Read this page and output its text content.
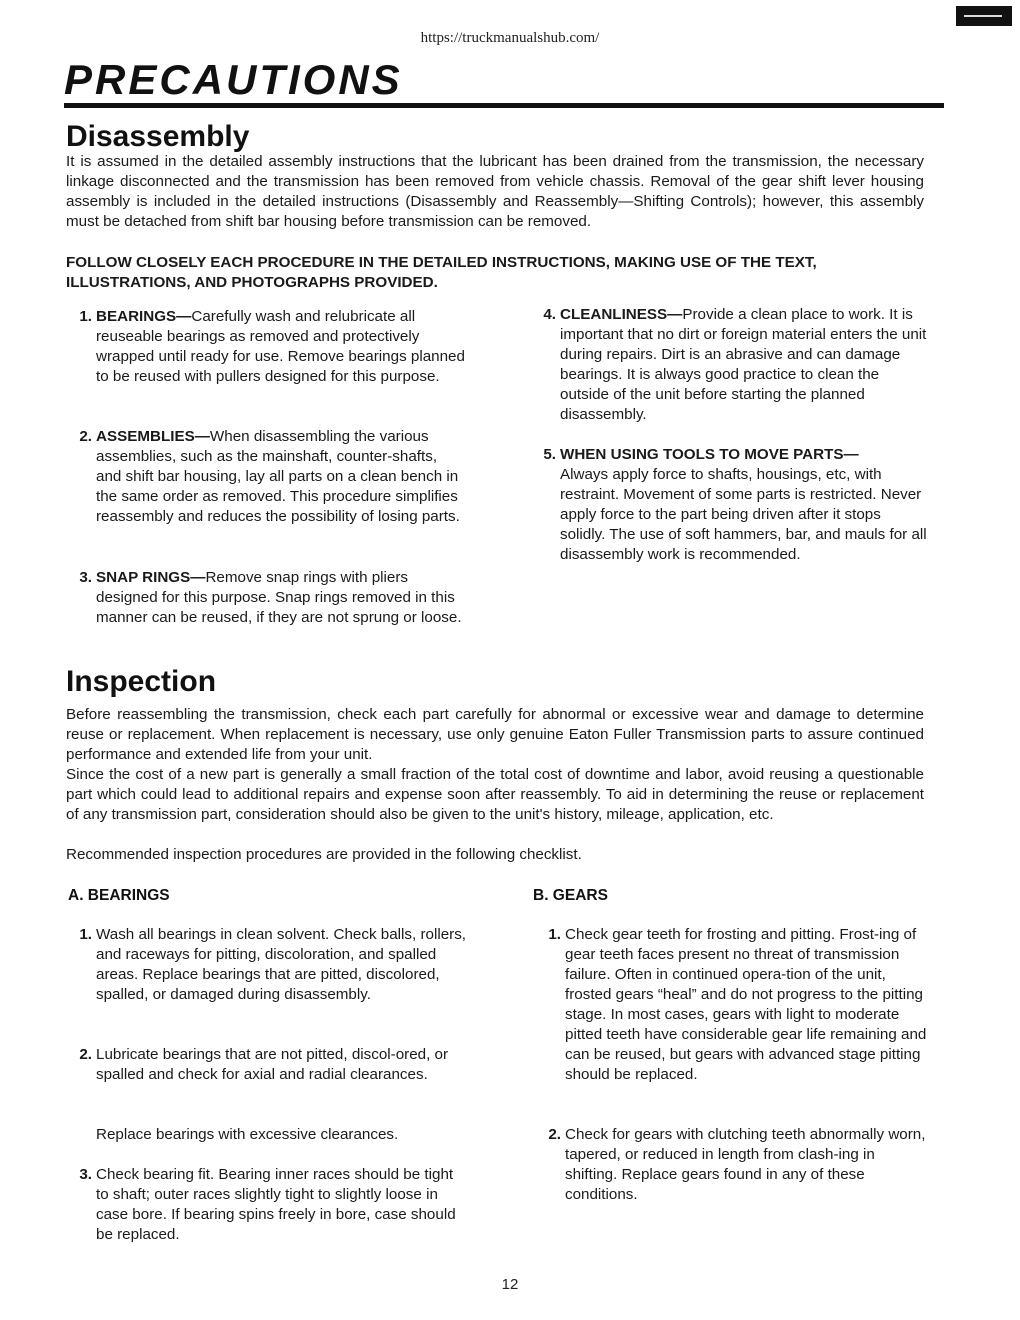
https://truckmanualshub.com/
PRECAUTIONS
Disassembly

It is assumed in the detailed assembly instructions that the lubricant has been drained from the transmission, the necessary linkage disconnected and the transmission has been removed from vehicle chassis. Removal of the gear shift lever housing assembly is included in the detailed instructions (Disassembly and Reassembly—Shifting Controls); however, this assembly must be detached from shift bar housing before transmission can be removed.

FOLLOW CLOSELY EACH PROCEDURE IN THE DETAILED INSTRUCTIONS, MAKING USE OF THE TEXT, ILLUSTRATIONS, AND PHOTOGRAPHS PROVIDED.

1. BEARINGS—Carefully wash and relubricate all reuseable bearings as removed and protectively wrapped until ready for use. Remove bearings planned to be reused with pullers designed for this purpose.
2. ASSEMBLIES—When disassembling the various assemblies, such as the mainshaft, counter-shafts, and shift bar housing, lay all parts on a clean bench in the same order as removed. This procedure simplifies reassembly and reduces the possibility of losing parts.
3. SNAP RINGS—Remove snap rings with pliers designed for this purpose. Snap rings removed in this manner can be reused, if they are not sprung or loose.
4. CLEANLINESS—Provide a clean place to work. It is important that no dirt or foreign material enters the unit during repairs. Dirt is an abrasive and can damage bearings. It is always good practice to clean the outside of the unit before starting the planned disassembly.
5. WHEN USING TOOLS TO MOVE PARTS—
Always apply force to shafts, housings, etc, with restraint. Movement of some parts is restricted. Never apply force to the part being driven after it stops solidly. The use of soft hammers, bar, and mauls for all disassembly work is recommended.
Inspection

Before reassembling the transmission, check each part carefully for abnormal or excessive wear and damage to determine reuse or replacement. When replacement is necessary, use only genuine Eaton Fuller Transmission parts to assure continued performance and extended life from your unit.

Since the cost of a new part is generally a small fraction of the total cost of downtime and labor, avoid reusing a questionable part which could lead to additional repairs and expense soon after reassembly. To aid in determining the reuse or replacement of any transmission part, consideration should also be given to the unit's history, mileage, application, etc.

Recommended inspection procedures are provided in the following checklist.

A. BEARINGS	B. GEARS
1. Wash all bearings in clean solvent. Check balls, rollers, and raceways for pitting, discoloration, and spalled areas. Replace bearings that are pitted, discolored, spalled, or damaged during disassembly.
2. Lubricate bearings that are not pitted, discol-ored, or spalled and check for axial and radial clearances.
Replace bearings with excessive clearances.
3. Check bearing fit. Bearing inner races should be tight to shaft; outer races slightly tight to slightly loose in case bore. If bearing spins freely in bore, case should be replaced.
1. Check gear teeth for frosting and pitting. Frost-ing of gear teeth faces present no threat of transmission failure. Often in continued opera-tion of the unit, frosted gears “heal” and do not progress to the pitting stage. In most cases, gears with light to moderate pitted teeth have considerable gear life remaining and can be reused, but gears with advanced stage pitting should be replaced.
2. Check for gears with clutching teeth abnormally worn, tapered, or reduced in length from clash-ing in shifting. Replace gears found in any of these conditions.
12
